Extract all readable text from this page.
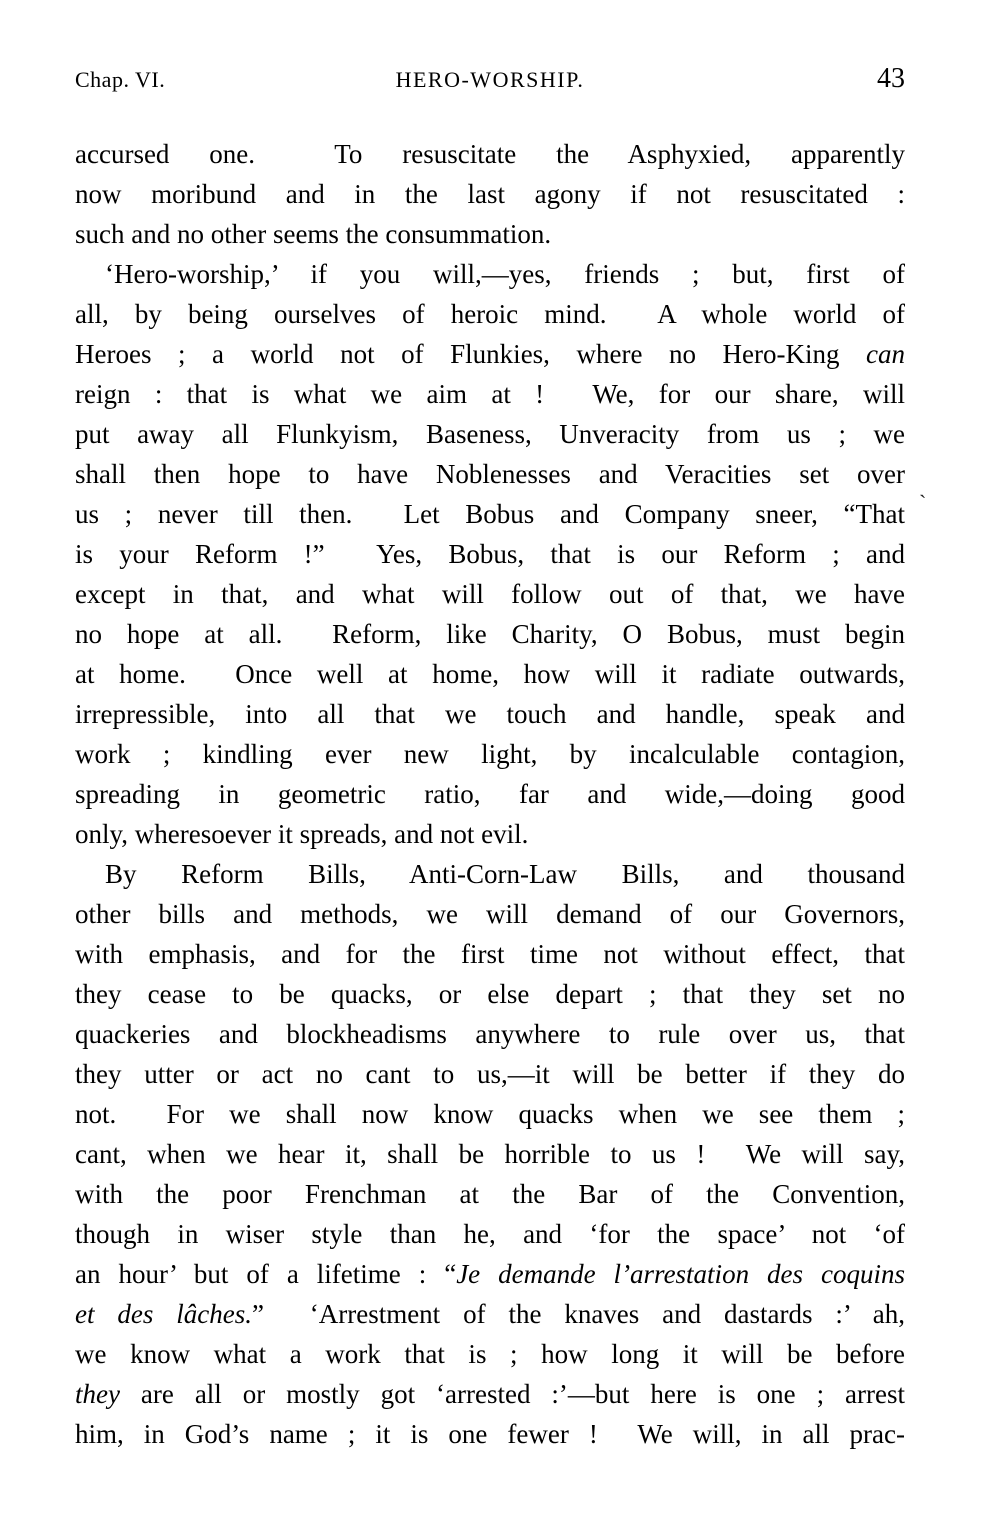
Chap. VI.	HERO-WORSHIP.	43
accursed one.  To resuscitate the Asphyxied, apparently
now moribund and in the last agony if not resuscitated :
such and no other seems the consummation.
‘Hero-worship,’ if you will,—yes, friends ; but, first of
all, by being ourselves of heroic mind.  A whole world of
Heroes ; a world not of Flunkies, where no Hero-King can
reign : that is what we aim at !  We, for our share, will
put away all Flunkyism, Baseness, Unveracity from us ; we
shall then hope to have Noblenesses and Veracities set over
us ; never till then.  Let Bobus and Company sneer, “That
is your Reform !”  Yes, Bobus, that is our Reform ; and
except in that, and what will follow out of that, we have
no hope at all.  Reform, like Charity, O Bobus, must begin
at home.  Once well at home, how will it radiate outwards,
irrepressible, into all that we touch and handle, speak and
work ; kindling ever new light, by incalculable contagion,
spreading in geometric ratio, far and wide,—doing good
only, wheresoever it spreads, and not evil.
By Reform Bills, Anti-Corn-Law Bills, and thousand
other bills and methods, we will demand of our Governors,
with emphasis, and for the first time not without effect, that
they cease to be quacks, or else depart ; that they set no
quackeries and blockheadisms anywhere to rule over us, that
they utter or act no cant to us,—it will be better if they do
not.  For we shall now know quacks when we see them ;
cant, when we hear it, shall be horrible to us !  We will say,
with the poor Frenchman at the Bar of the Convention,
though in wiser style than he, and ‘for the space’ not ‘of
an hour’ but of a lifetime : “Je demande l’arrestation des coquins
et des lâches.”  ‘Arrestment of the knaves and dastards :’ ah,
we know what a work that is ; how long it will be before
they are all or mostly got ‘arrested :’—but here is one ; arrest
him, in God’s name ; it is one fewer !  We will, in all prac-
`
